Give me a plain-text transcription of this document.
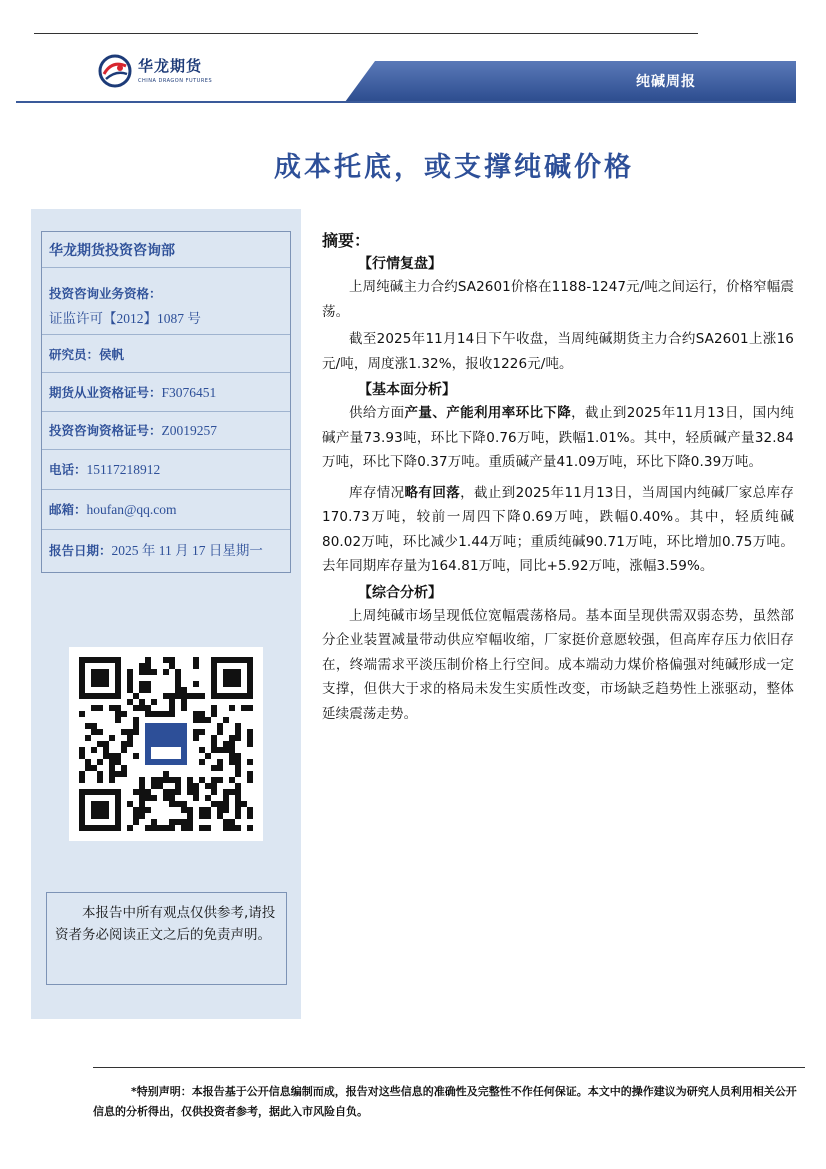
华龙期货
CHINA DRAGON FUTURES	纯碱周报
成本托底，或支撑纯碱价格
华龙期货投资咨询部
投资咨询业务资格：
证监许可【2012】1087 号
研究员：侯帆
期货从业资格证号：F3076451
投资咨询资格证号：Z0019257
电话：15117218912
邮箱：houfan@qq.com
报告日期：2025 年 11 月 17 日星期一
本报告中所有观点仅供参考,请投资者务必阅读正文之后的免责声明。
摘要：
【行情复盘】

上周纯碱主力合约SA2601价格在1188-1247元/吨之间运行，价格窄幅震荡。

截至2025年11月14日下午收盘，当周纯碱期货主力合约SA2601上涨16元/吨，周度涨1.32%，报收1226元/吨。

【基本面分析】

供给方面产量、产能利用率环比下降，截止到2025年11月13日，国内纯碱产量73.93吨，环比下降0.76万吨，跌幅1.01%。其中，轻质碱产量32.84万吨，环比下降0.37万吨。重质碱产量41.09万吨，环比下降0.39万吨。

库存情况略有回落，截止到2025年11月13日，当周国内纯碱厂家总库存170.73万吨，较前一周四下降0.69万吨，跌幅0.40%。其中，轻质纯碱80.02万吨，环比减少1.44万吨；重质纯碱90.71万吨，环比增加0.75万吨。去年同期库存量为164.81万吨，同比+5.92万吨，涨幅3.59%。

【综合分析】

上周纯碱市场呈现低位宽幅震荡格局。基本面呈现供需双弱态势，虽然部分企业装置减量带动供应窄幅收缩，厂家挺价意愿较强，但高库存压力依旧存在，终端需求平淡压制价格上行空间。成本端动力煤价格偏强对纯碱形成一定支撑，但供大于求的格局未发生实质性改变，市场缺乏趋势性上涨驱动，整体延续震荡走势。

*特别声明：本报告基于公开信息编制而成，报告对这些信息的准确性及完整性不作任何保证。本文中的操作建议为研究人员利用相关公开信息的分析得出，仅供投资者参考，据此入市风险自负。
